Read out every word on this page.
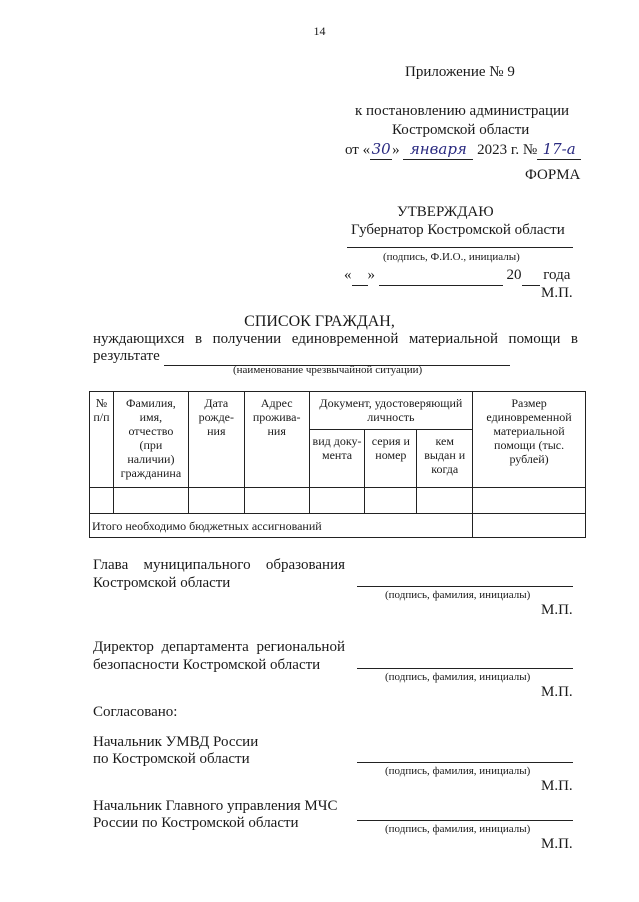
14
Приложение № 9
к постановлению администрации
Костромской области
от «30» января 2023 г. № 17-а
ФОРМА
УТВЕРЖДАЮ
Губернатор Костромской области
(подпись, Ф.И.О., инициалы)
« »	20 года
М.П.
СПИСОК ГРАЖДАН,
нуждающихся в получении единовременной материальной помощи в
результате
(наименование чрезвычайной ситуации)
№ п/п	Фамилия, имя, отчество (при наличии) гражданина	Дата рожде-ния	Адрес прожива-ния	Документ, удостоверяющий личность			Размер единовременной материальной помощи (тыс. рублей)
				вид доку-мента	серия и номер	кем выдан и когда	

Итого необходимо бюджетных ассигнований							
Глава муниципального образования
Костромской области
(подпись, фамилия, инициалы)
М.П.
Директор департамента региональной
безопасности Костромской области
(подпись, фамилия, инициалы)
М.П.
Согласовано:
Начальник УМВД России
по Костромской области
(подпись, фамилия, инициалы)
М.П.
Начальник Главного управления МЧС
России по Костромской области	(подпись, фамилия, инициалы)
М.П.
